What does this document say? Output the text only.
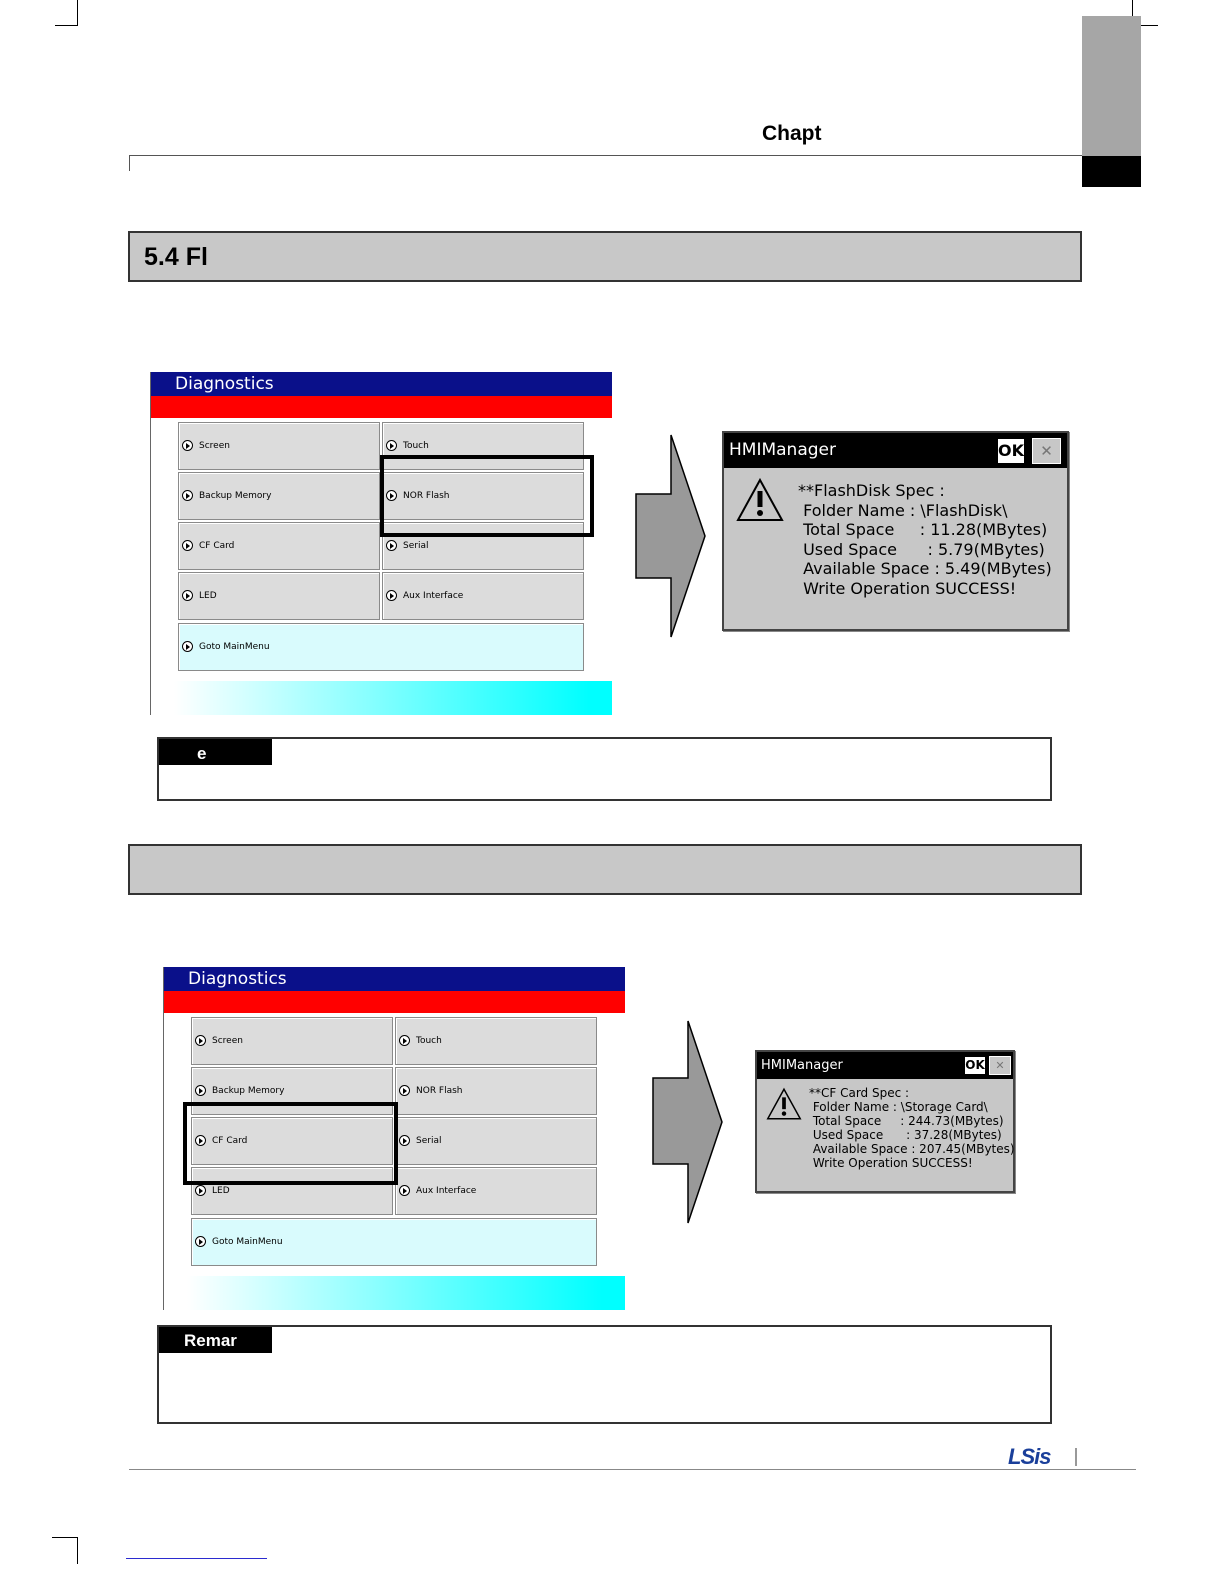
Chapt
5.4 Fl
Diagnostics
Screen	Touch
Backup Memory	NOR Flash
CF Card	Serial
LED	Aux Interface
Goto MainMenu
HMIManager	OK	✕
**FlashDisk Spec :
Folder Name : \FlashDisk\
Total Space     : 11.28(MBytes)
Used Space      : 5.79(MBytes)
Available Space : 5.49(MBytes)
Write Operation SUCCESS!
e
Diagnostics
Screen	Touch
Backup Memory	NOR Flash
CF Card	Serial
LED	Aux Interface
Goto MainMenu
HMIManager	OK ✕
**CF Card Spec :
Folder Name : \Storage Card\
Total Space     : 244.73(MBytes)
Used Space      : 37.28(MBytes)
Available Space : 207.45(MBytes)
Write Operation SUCCESS!
Remar
LSis
